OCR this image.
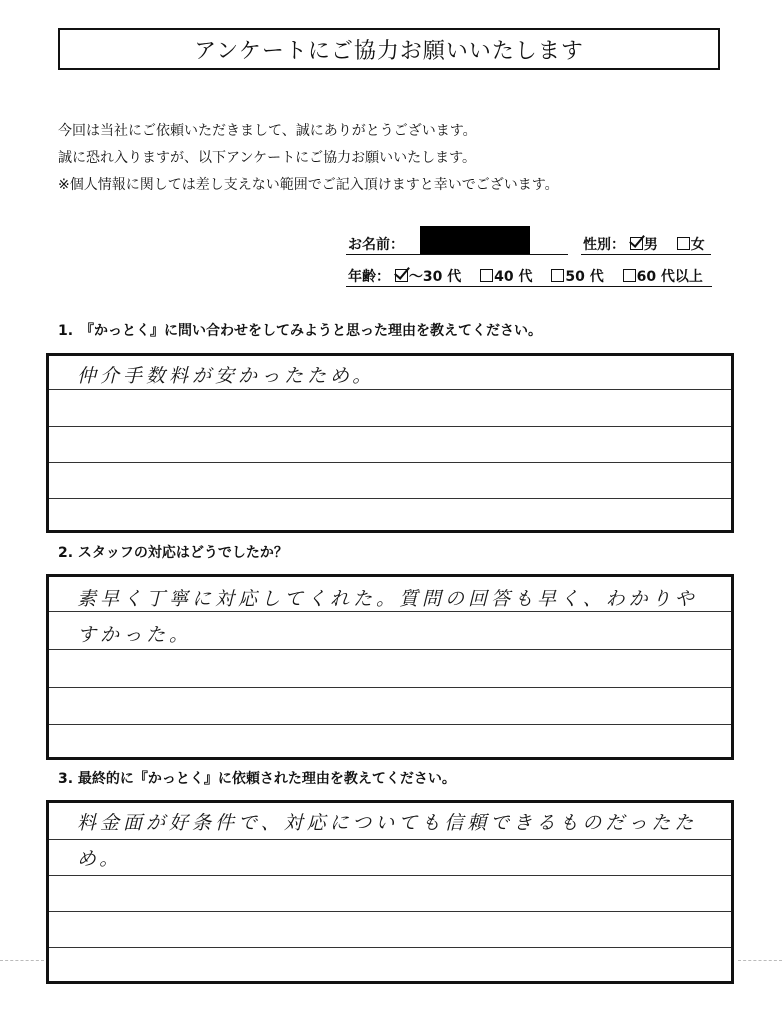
アンケートにご協力お願いいたします
今回は当社にご依頼いただきまして、誠にありがとうございます。
誠に恐れ入りますが、以下アンケートにご協力お願いいたします。
※個人情報に関しては差し支えない範囲でご記入頂けますと幸いでございます。
お名前：	性別： 男 女
年齢： ～30 代 40 代 50 代 60 代以上
1.　『かっとく』に問い合わせをしてみようと思った理由を教えてください。
仲介手数料が安かったため。
2. スタッフの対応はどうでしたか？
素早く丁寧に対応してくれた。質問の回答も早く、わかりやすかった。
3. 最終的に『かっとく』に依頼された理由を教えてください。
料金面が好条件で、対応についても信頼できるものだったため。
